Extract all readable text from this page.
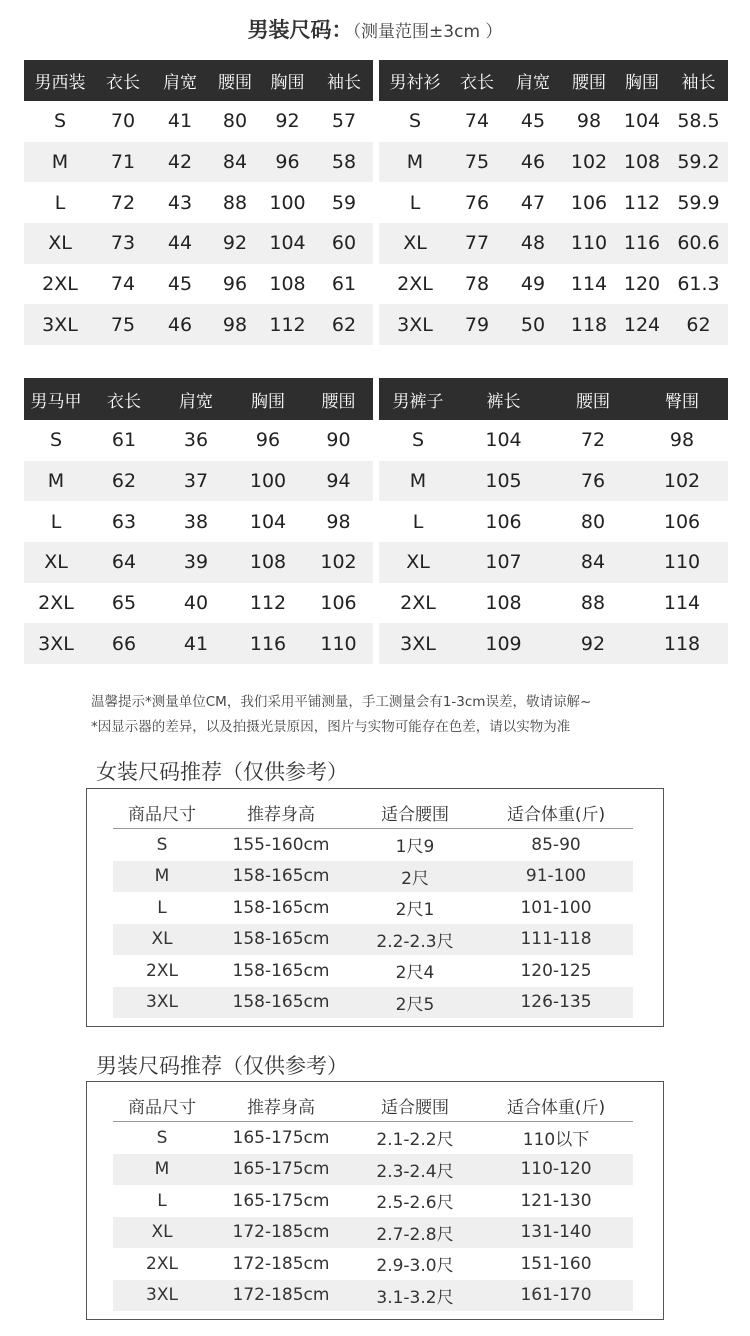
男装尺码：（测量范围±3cm ）
男西装	衣长	肩宽	腰围	胸围	袖长
S	70	41	80	92	57
M	71	42	84	96	58
L	72	43	88	100	59
XL	73	44	92	104	60
2XL	74	45	96	108	61
3XL	75	46	98	112	62
男衬衫	衣长	肩宽	腰围	胸围	袖长
S	74	45	98	104	58.5
M	75	46	102	108	59.2
L	76	47	106	112	59.9
XL	77	48	110	116	60.6
2XL	78	49	114	120	61.3
3XL	79	50	118	124	62
男马甲	衣长	肩宽	胸围	腰围
S	61	36	96	90
M	62	37	100	94
L	63	38	104	98
XL	64	39	108	102
2XL	65	40	112	106
3XL	66	41	116	110
男裤子	裤长	腰围	臀围
S	104	72	98
M	105	76	102
L	106	80	106
XL	107	84	110
2XL	108	88	114
3XL	109	92	118
温馨提示*测量单位CM，我们采用平铺测量，手工测量会有1-3cm误差，敬请谅解~
*因显示器的差异，以及拍摄光景原因，图片与实物可能存在色差，请以实物为准
女装尺码推荐（仅供参考）
商品尺寸	推荐身高	适合腰围	适合体重(斤)
S	155-160cm	1尺9	85-90
M	158-165cm	2尺	91-100
L	158-165cm	2尺1	101-100
XL	158-165cm	2.2-2.3尺	111-118
2XL	158-165cm	2尺4	120-125
3XL	158-165cm	2尺5	126-135
男装尺码推荐（仅供参考）
商品尺寸	推荐身高	适合腰围	适合体重(斤)
S	165-175cm	2.1-2.2尺	110以下
M	165-175cm	2.3-2.4尺	110-120
L	165-175cm	2.5-2.6尺	121-130
XL	172-185cm	2.7-2.8尺	131-140
2XL	172-185cm	2.9-3.0尺	151-160
3XL	172-185cm	3.1-3.2尺	161-170
